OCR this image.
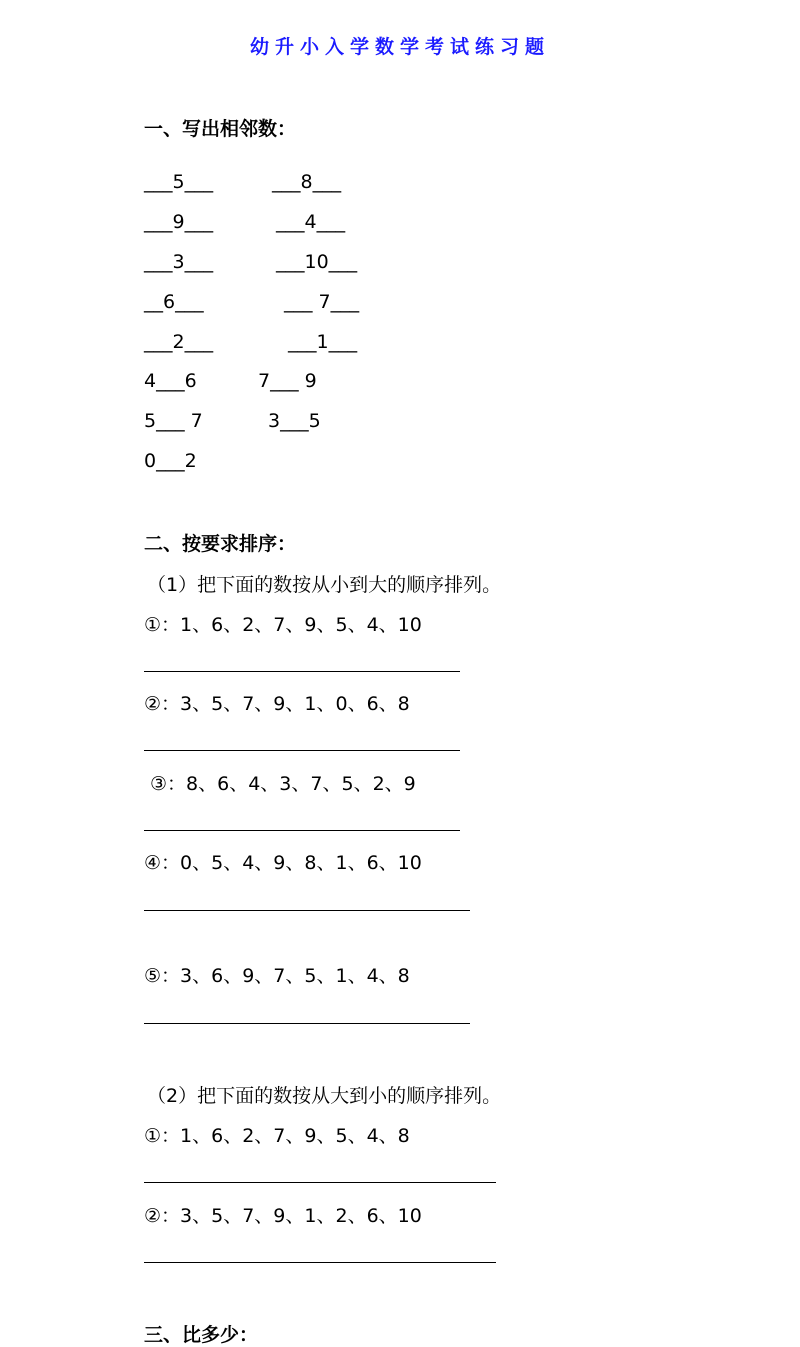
幼升小入学数学考试练习题
一、写出相邻数：
___5___	___8___
___9___	___4___
___3___	___10___
__6___	___ 7___
___2___	___1___
4___6	7___ 9
5___ 7	3___5
0___2
二、按要求排序：
（1）把下面的数按从小到大的顺序排列。
①：1、6、2、7、9、5、4、10
②：3、5、7、9、1、0、6、8
③：8、6、4、3、7、5、2、9
④：0、5、4、9、8、1、6、10
⑤：3、6、9、7、5、1、4、8
（2）把下面的数按从大到小的顺序排列。
①：1、6、2、7、9、5、4、8
②：3、5、7、9、1、2、6、10
三、比多少：
